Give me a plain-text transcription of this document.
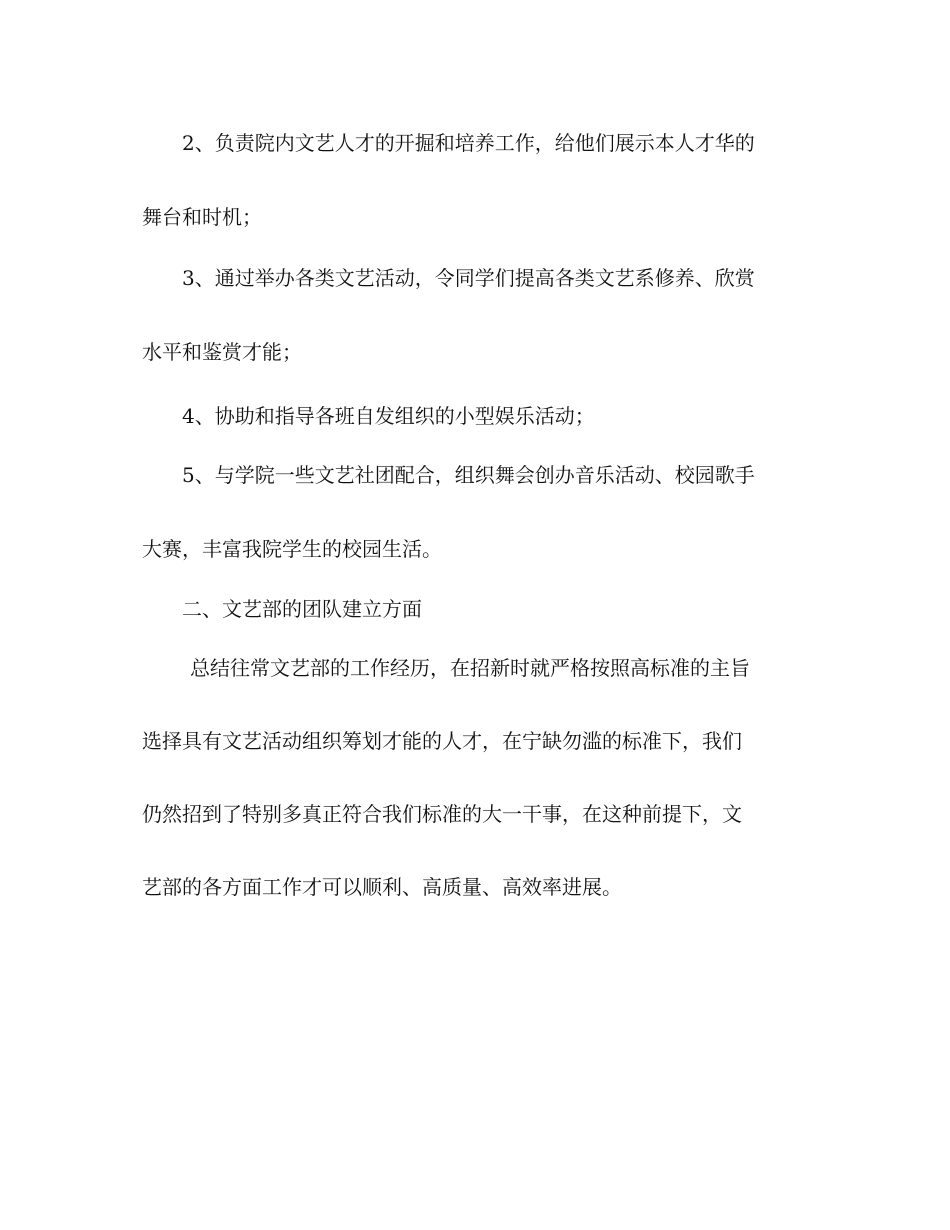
2、负责院内文艺人才的开掘和培养工作，给他们展示本人才华的
舞台和时机；
3、通过举办各类文艺活动，令同学们提高各类文艺系修养、欣赏
水平和鉴赏才能；
4、协助和指导各班自发组织的小型娱乐活动；
5、与学院一些文艺社团配合，组织舞会创办音乐活动、校园歌手
大赛，丰富我院学生的校园生活。
二、文艺部的团队建立方面
总结往常文艺部的工作经历，在招新时就严格按照高标准的主旨
选择具有文艺活动组织筹划才能的人才，在宁缺勿滥的标准下，我们
仍然招到了特别多真正符合我们标准的大一干事，在这种前提下，文
艺部的各方面工作才可以顺利、高质量、高效率进展。
